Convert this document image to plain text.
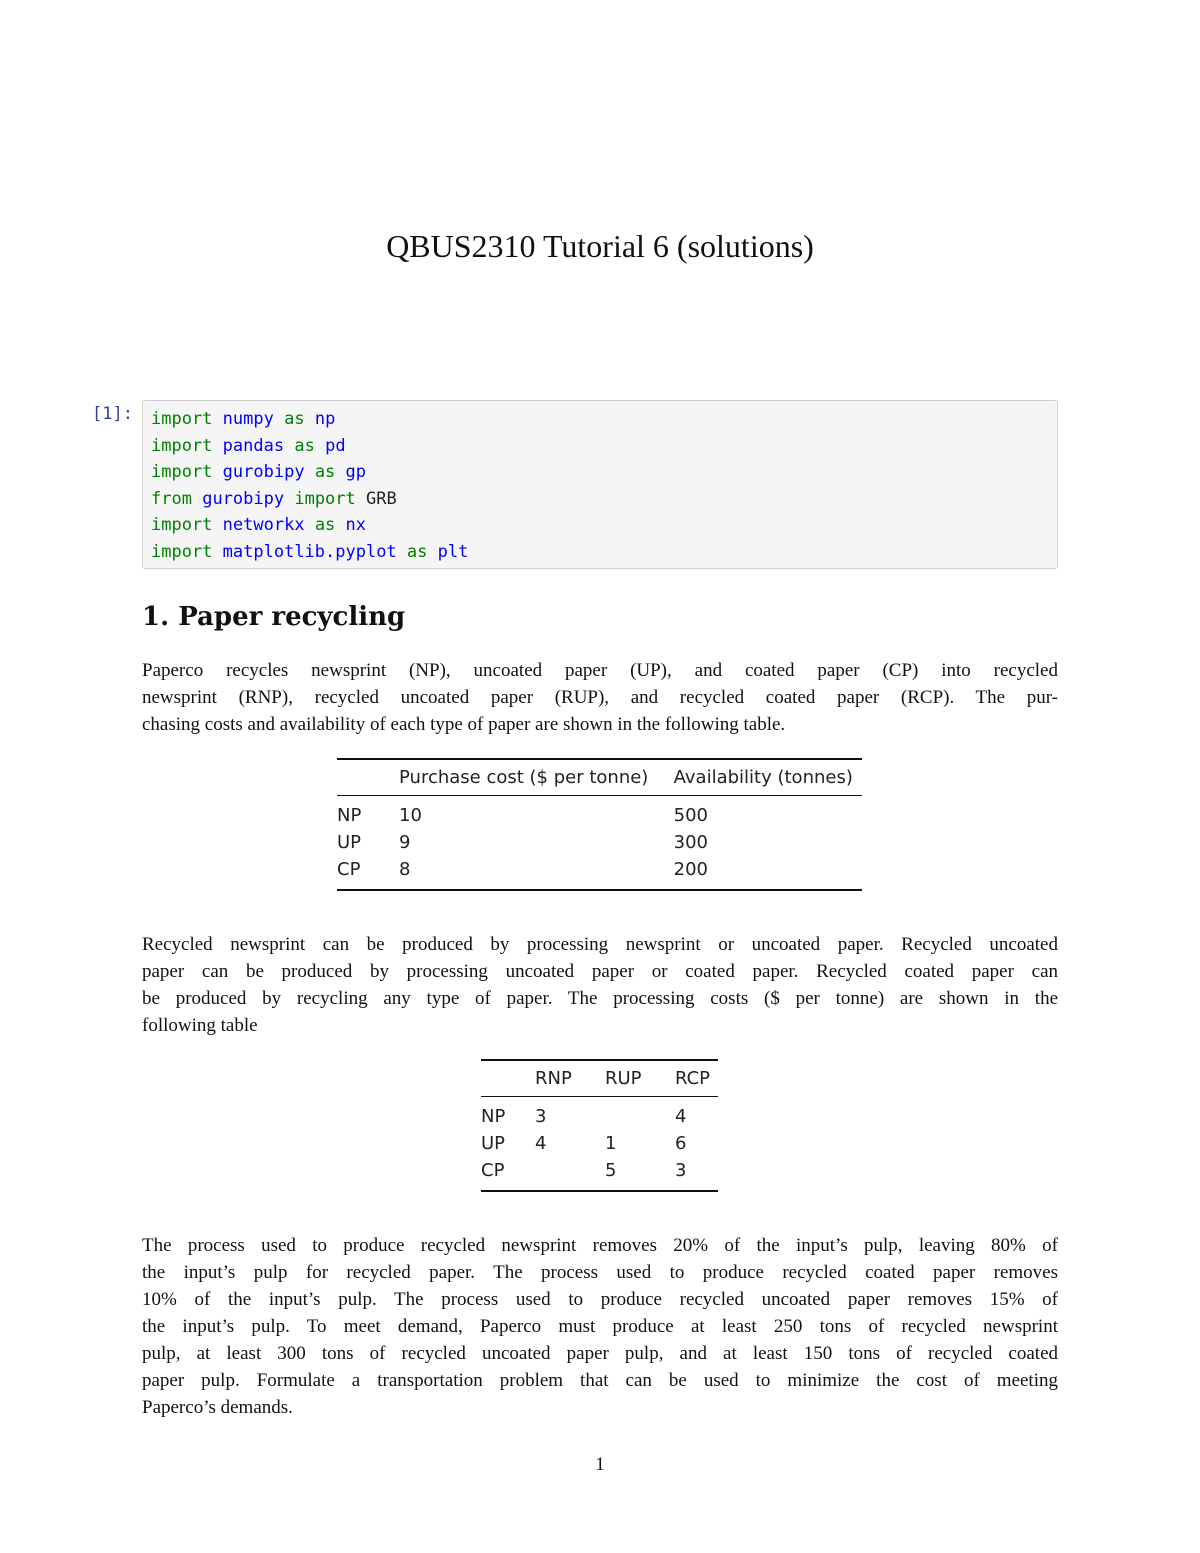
QBUS2310 Tutorial 6 (solutions)
[1]: import numpy as np
import pandas as pd
import gurobipy as gp
from gurobipy import GRB
import networkx as nx
import matplotlib.pyplot as plt
1. Paper recycling
Paperco recycles newsprint (NP), uncoated paper (UP), and coated paper (CP) into recycled
newsprint (RNP), recycled uncoated paper (RUP), and recycled coated paper (RCP). The pur-
chasing costs and availability of each type of paper are shown in the following table.
	Purchase cost ($ per tonne)	Availability (tonnes)
NP	10	500
UP	9	300
CP	8	200
Recycled newsprint can be produced by processing newsprint or uncoated paper. Recycled uncoated
paper can be produced by processing uncoated paper or coated paper. Recycled coated paper can
be produced by recycling any type of paper. The processing costs ($ per tonne) are shown in the
following table
	RNP	RUP	RCP
NP	3		4
UP	4	1	6
CP		5	3
The process used to produce recycled newsprint removes 20% of the input’s pulp, leaving 80% of
the input’s pulp for recycled paper. The process used to produce recycled coated paper removes
10% of the input’s pulp. The process used to produce recycled uncoated paper removes 15% of
the input’s pulp. To meet demand, Paperco must produce at least 250 tons of recycled newsprint
pulp, at least 300 tons of recycled uncoated paper pulp, and at least 150 tons of recycled coated
paper pulp. Formulate a transportation problem that can be used to minimize the cost of meeting
Paperco’s demands.
1
